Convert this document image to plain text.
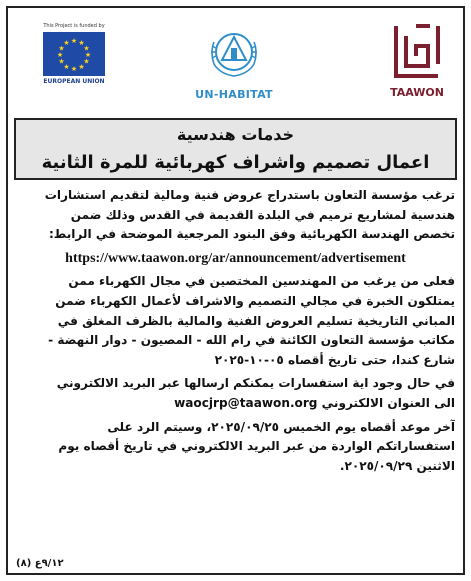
This Project is funded by
★ ★
★
★
★
★
★
★
★
★
★
★
EUROPEAN UNION
UN-HABITAT	TAAWON
خدمات هندسية
اعمال تصميم واشراف كهربائية للمرة الثانية
ترغب مؤسسة التعاون باستدراج عروض فنية ومالية لتقديم استشارات
هندسية لمشاريع ترميم في البلدة القديمة في القدس وذلك ضمن
تخصص الهندسة الكهربائية وفق البنود المرجعية الموضحة في الرابط:
https://www.taawon.org/ar/announcement/advertisement
فعلى من يرغب من المهندسين المختصين في مجال الكهرباء ممن
يمتلكون الخبرة في مجالي التصميم والاشراف لأعمال الكهرباء ضمن
المباني التاريخية تسليم العروض الفنية والمالية بالظرف المغلق في
مكاتب مؤسسة التعاون الكائنة في رام الله - المصيون - دوار النهضة -
شارع كندا، حتى تاريخ أقصاه ٠٥-١٠-٢٠٢٥
في حال وجود اية استفسارات يمكنكم ارسالها عبر البريد الالكتروني
الى العنوان الالكتروني waocjrp@taawon.org
آخر موعد أقصاه يوم الخميس ٢٠٢٥/٠٩/٢٥، وسيتم الرد على
استفساراتكم الواردة من عبر البريد الالكتروني في تاريخ أقصاه يوم
الاثنين ٢٠٢٥/٠٩/٢٩.
٩/١٢ع (٨)
